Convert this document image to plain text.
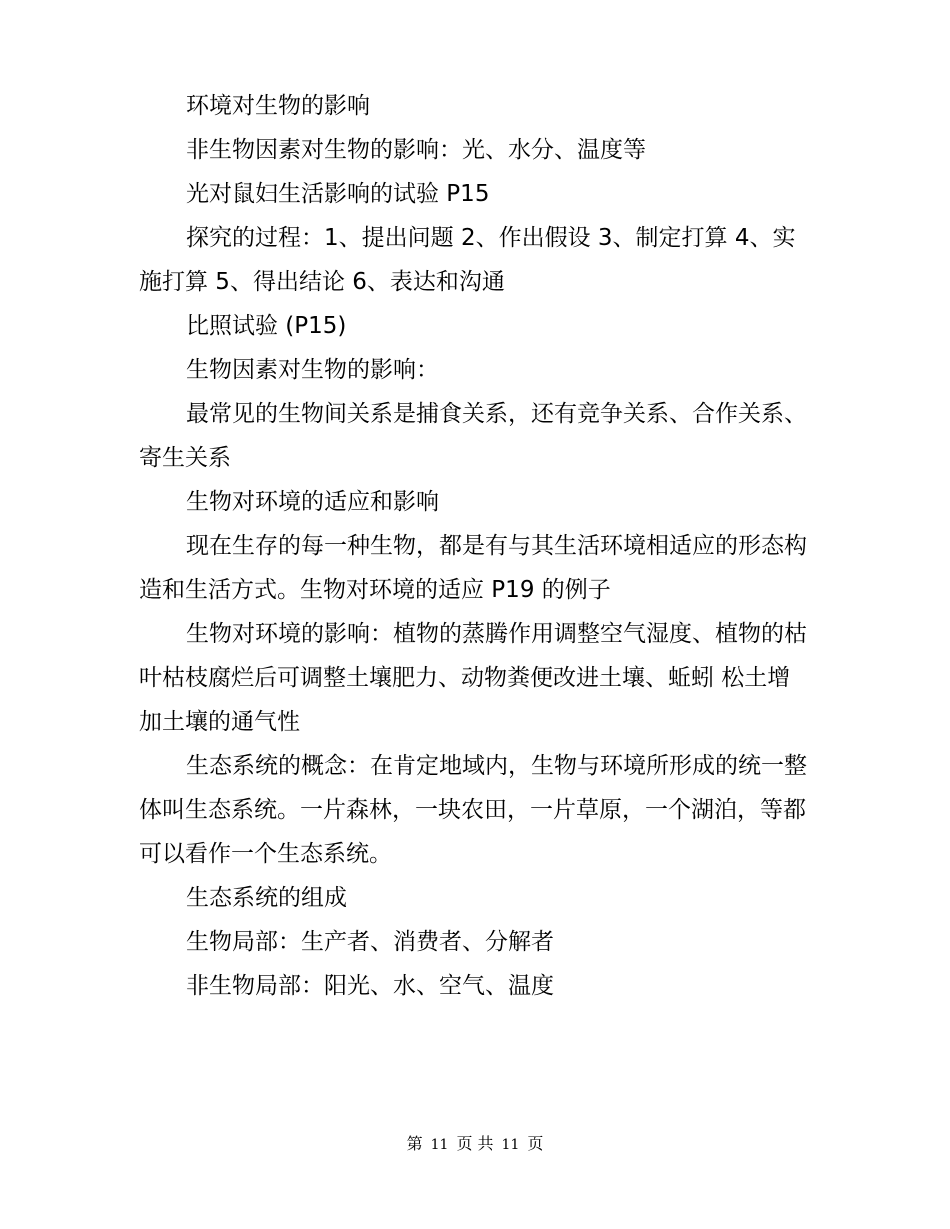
环境对生物的影响

非生物因素对生物的影响：光、水分、温度等

光对鼠妇生活影响的试验 P15

探究的过程：1、提出问题 2、作出假设 3、制定打算 4、实施打算 5、得出结论 6、表达和沟通

比照试验 (P15)

生物因素对生物的影响：

最常见的生物间关系是捕食关系，还有竞争关系、合作关系、寄生关系

生物对环境的适应和影响

现在生存的每一种生物，都是有与其生活环境相适应的形态构造和生活方式。生物对环境的适应 P19 的例子

生物对环境的影响：植物的蒸腾作用调整空气湿度、植物的枯叶枯枝腐烂后可调整土壤肥力、动物粪便改进土壤、蚯蚓 松土增加土壤的通气性

生态系统的概念：在肯定地域内，生物与环境所形成的统一整体叫生态系统。一片森林，一块农田，一片草原，一个湖泊，等都可以看作一个生态系统。

生态系统的组成

生物局部：生产者、消费者、分解者

非生物局部：阳光、水、空气、温度

第 11 页 共 11 页
